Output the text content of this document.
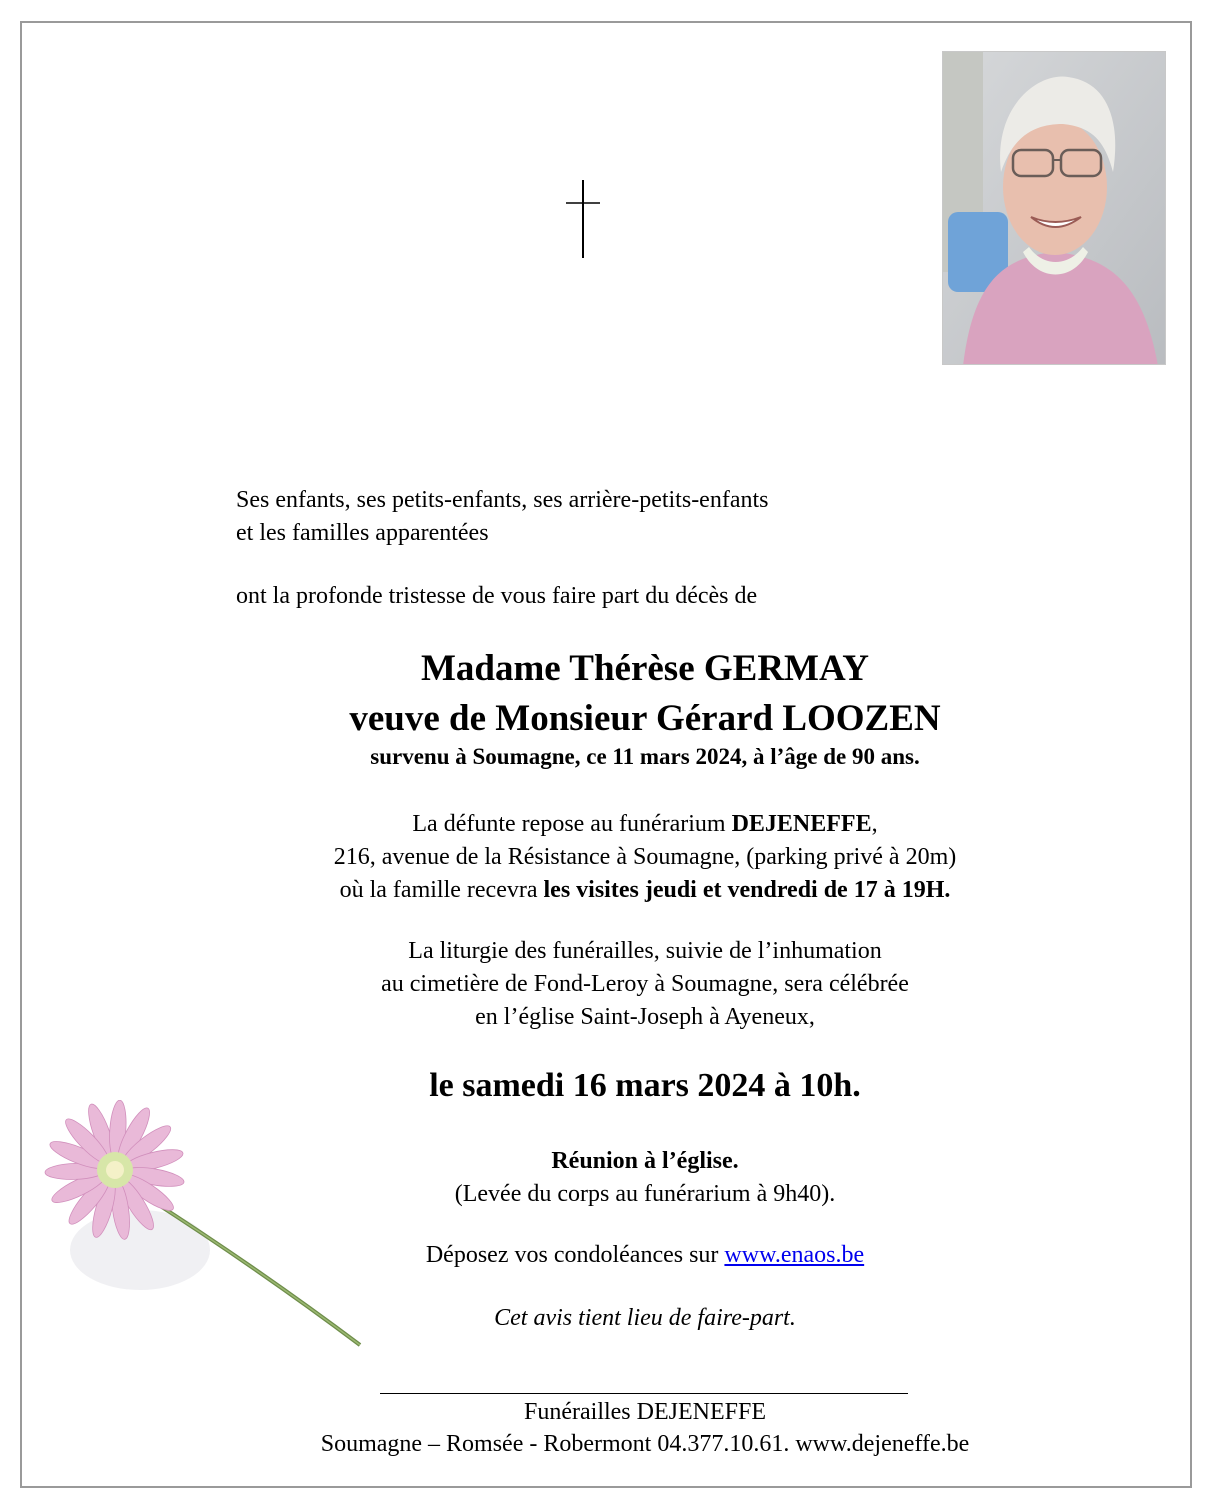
Ses enfants, ses petits-enfants, ses arrière-petits-enfants

et les familles apparentées

ont la profonde tristesse de vous faire part du décès de

Madame Thérèse GERMAY
veuve de Monsieur Gérard LOOZEN

survenu à Soumagne, ce 11 mars 2024, à l’âge de 90 ans.

La défunte repose au funérarium DEJENEFFE,
216, avenue de la Résistance à Soumagne, (parking privé à 20m)
où la famille recevra les visites jeudi et vendredi de 17 à 19H.
La liturgie des funérailles, suivie de l’inhumation
au cimetière de Fond-Leroy à Soumagne, sera célébrée
en l’église Saint-Joseph à Ayeneux,

le samedi 16 mars 2024 à 10h.

Réunion à l’église.
(Levée du corps au funérarium à 9h40).
Déposez vos condoléances sur www.enaos.be
Cet avis tient lieu de faire-part.

Funérailles DEJENEFFE

Soumagne – Romsée - Robermont 04.377.10.61. www.dejeneffe.be
